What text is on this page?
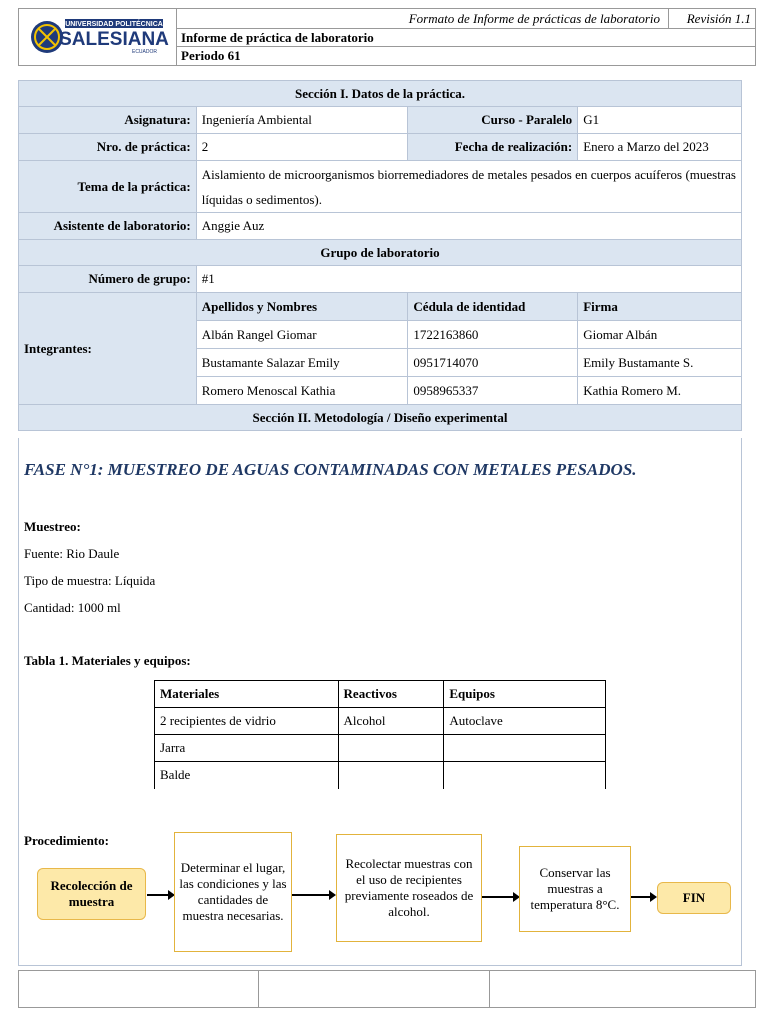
UNIVERSIDAD POLITÉCNICA
SALESIANA
ECUADOR
Formato de Informe de prácticas de laboratorio	Revisión 1.1
Informe de práctica de laboratorio
Periodo 61
Sección I. Datos de la práctica.			
Asignatura:	Ingeniería Ambiental	Curso - Paralelo	G1
Nro. de práctica:	2	Fecha de realización:	Enero a Marzo del 2023
Tema de la práctica:	Aislamiento de microorganismos biorremediadores de metales pesados en cuerpos acuíferos (muestras líquidas o sedimentos).		
Asistente de laboratorio:	Anggie Auz		
Grupo de laboratorio			
Número de grupo:	#1		
Integrantes:	Apellidos y Nombres	Cédula de identidad	Firma
	Albán Rangel Giomar	1722163860	Giomar Albán
	Bustamante Salazar Emily	0951714070	Emily Bustamante S.
	Romero Menoscal Kathia	0958965337	Kathia Romero M.
Sección II. Metodología / Diseño experimental			
FASE N°1: MUESTREO DE AGUAS CONTAMINADAS CON METALES PESADOS.
Muestreo:
Fuente: Rio Daule
Tipo de muestra: Líquida
Cantidad: 1000 ml
Tabla 1. Materiales y equipos:
Materiales	Reactivos	Equipos
2 recipientes de vidrio	Alcohol	Autoclave
Jarra		
Balde		
Procedimiento:
Recolección de muestra
Determinar el lugar, las condiciones y las cantidades de muestra necesarias.
Recolectar muestras con el uso de recipientes previamente roseados de alcohol.
Conservar las muestras a temperatura 8°C.	FIN
